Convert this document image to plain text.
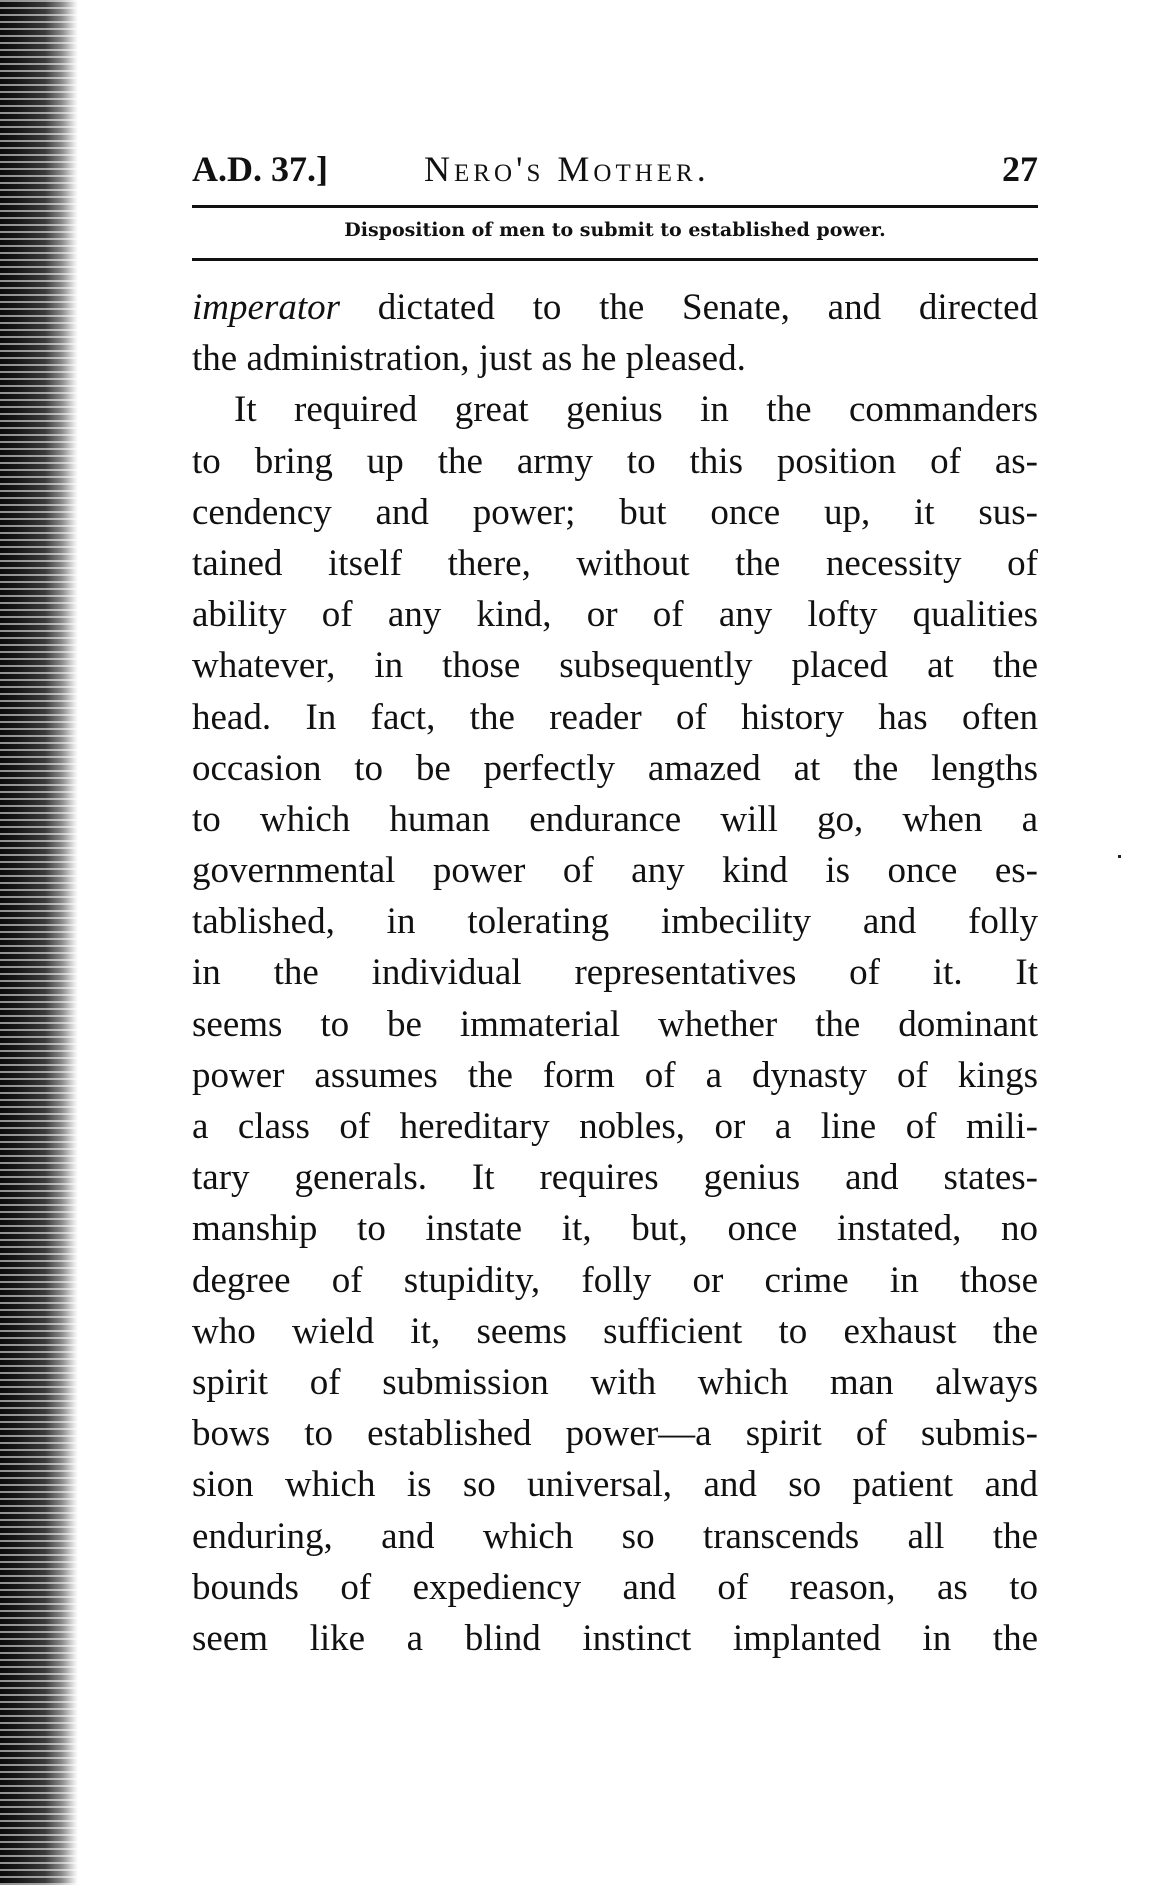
A.D. 37.]	Nero's Mother.	27
Disposition of men to submit to established power.
imperator dictated to the Senate, and directed
the administration, just as he pleased.
It required great genius in the commanders
to bring up the army to this position of as-
cendency and power; but once up, it sus-
tained itself there, without the necessity of
ability of any kind, or of any lofty qualities
whatever, in those subsequently placed at the
head. In fact, the reader of history has often
occasion to be perfectly amazed at the lengths
to which human endurance will go, when a
governmental power of any kind is once es-
tablished, in tolerating imbecility and folly
in the individual representatives of it. It
seems to be immaterial whether the dominant
power assumes the form of a dynasty of kings
a class of hereditary nobles, or a line of mili-
tary generals. It requires genius and states-
manship to instate it, but, once instated, no
degree of stupidity, folly or crime in those
who wield it, seems sufficient to exhaust the
spirit of submission with which man always
bows to established power—a spirit of submis-
sion which is so universal, and so patient and
enduring, and which so transcends all the
bounds of expediency and of reason, as to
seem like a blind instinct implanted in the
